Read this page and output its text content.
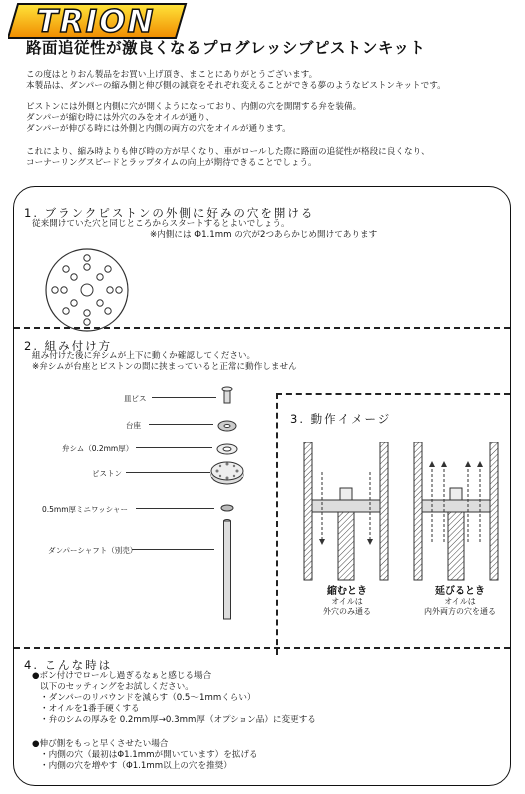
TRION
路面追従性が激良くなるプログレッシブピストンキット
この度はとりおん製品をお買い上げ頂き、まことにありがとうございます。
本製品は、ダンパーの縮み側と伸び側の減衰をそれぞれ変えることができる夢のようなピストンキットです。
ピストンには外側と内側に穴が開くようになっており、内側の穴を開閉する弁を装備。
ダンパーが縮む時には外穴のみをオイルが通り、
ダンパーが伸びる時には外側と内側の両方の穴をオイルが通ります。
これにより、縮み時よりも伸び時の方が早くなり、車がロールした際に路面の追従性が格段に良くなり、
コーナーリングスピードとラップタイムの向上が期待できることでしょう。
1. ブランクピストンの外側に好みの穴を開ける
従来開けていた穴と同じところからスタートするとよいでしょう。
※内側には Φ1.1mm の穴が2つあらかじめ開けてあります
2. 組み付け方
組み付けた後に弁シムが上下に動くか確認してください。
※弁シムが台座とピストンの間に挟まっていると正常に動作しません
皿ビス
台座
弁シム（0.2mm厚）
ピストン
0.5mm厚ミニワッシャー
ダンパーシャフト（別売）
3. 動作イメージ
縮むとき
オイルは
外穴のみ通る
延びるとき
オイルは
内外両方の穴を通る
4. こんな時は
●ボン付けでロールし過ぎるなぁと感じる場合
以下のセッティングをお試しください。
・ダンパーのリバウンドを減らす（0.5～1mmくらい）
・オイルを1番手硬くする
・弁のシムの厚みを 0.2mm厚→0.3mm厚（オプション品）に変更する
●伸び側をもっと早くさせたい場合
・内側の穴（最初はΦ1.1mmが開いています）を拡げる
・内側の穴を増やす（Φ1.1mm以上の穴を推奨）
